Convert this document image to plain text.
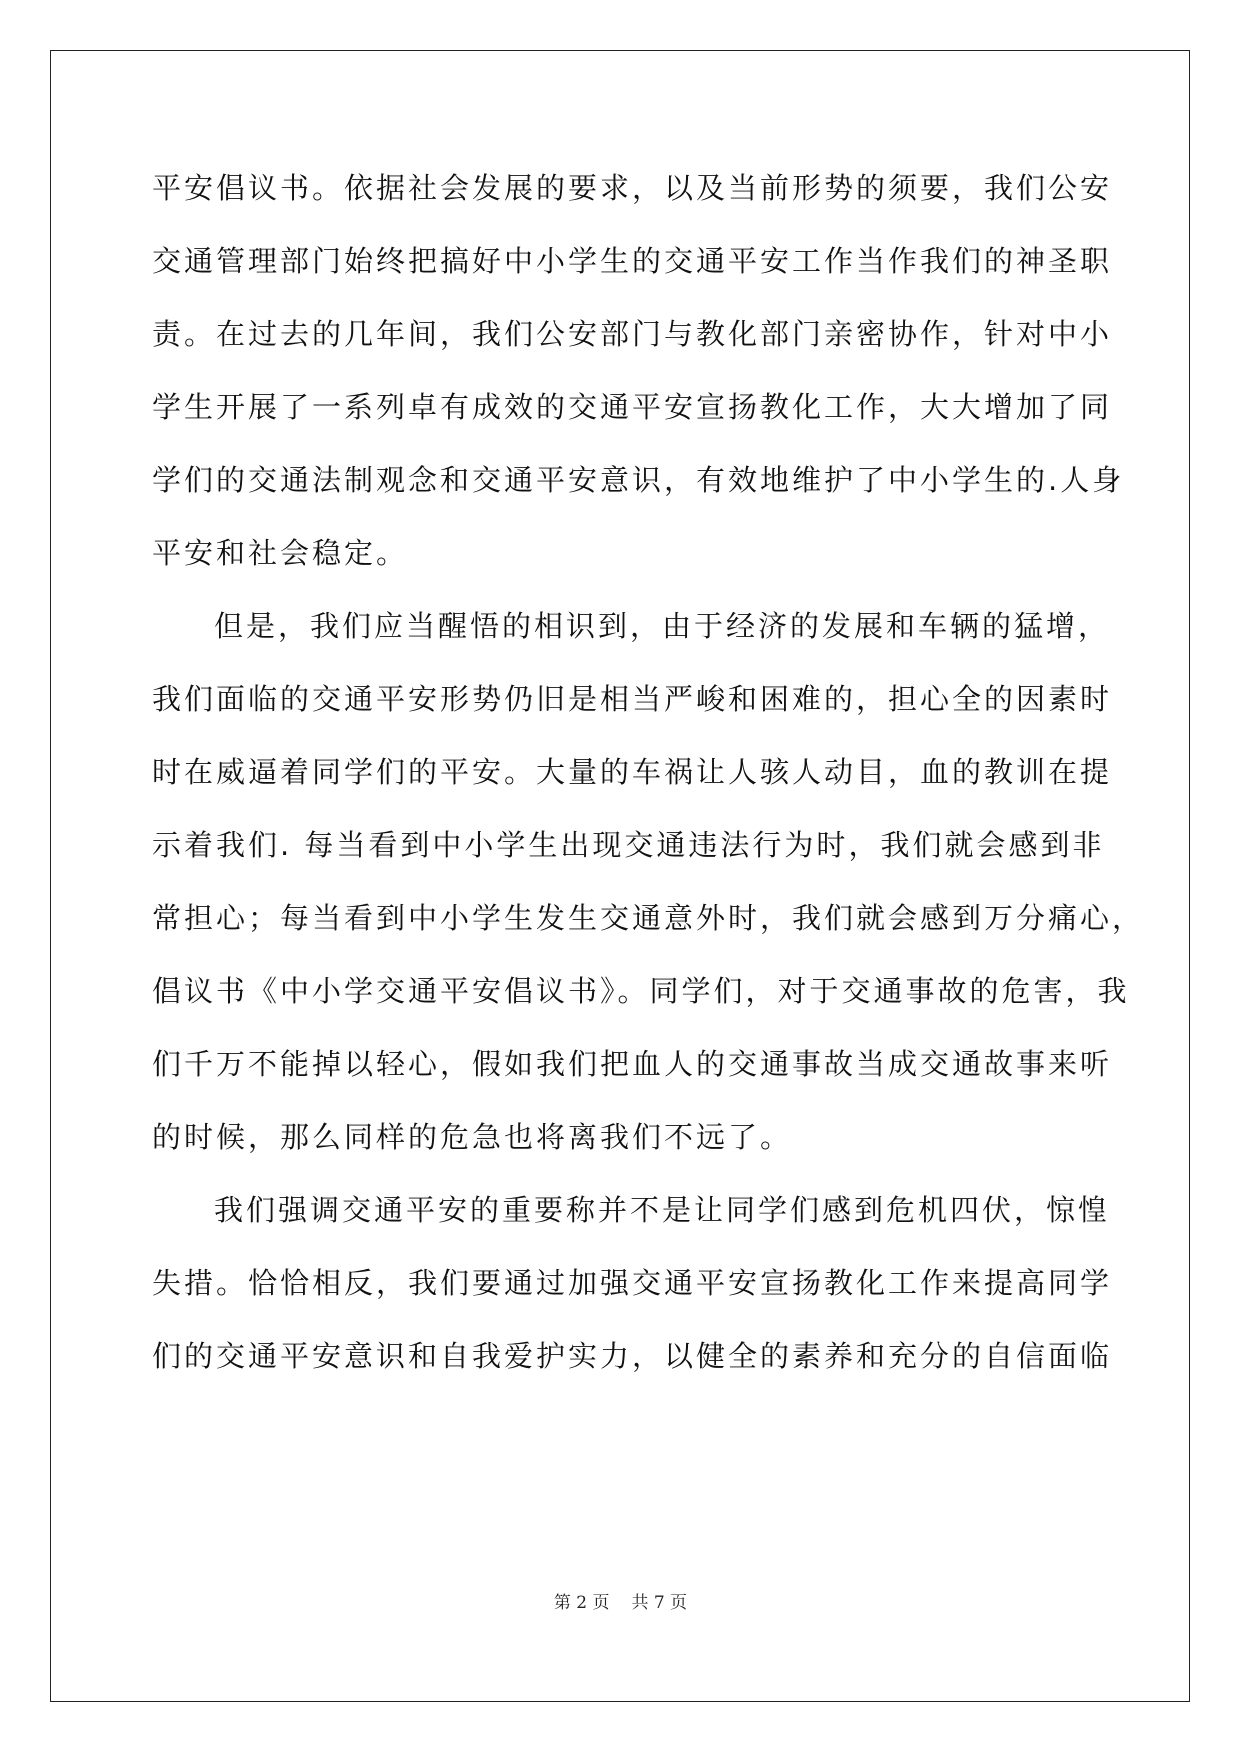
平安倡议书。依据社会发展的要求，以及当前形势的须要，我们公安
交通管理部门始终把搞好中小学生的交通平安工作当作我们的神圣职
责。在过去的几年间，我们公安部门与教化部门亲密协作，针对中小
学生开展了一系列卓有成效的交通平安宣扬教化工作，大大增加了同
学们的交通法制观念和交通平安意识，有效地维护了中小学生的.人身
平安和社会稳定。
但是，我们应当醒悟的相识到，由于经济的发展和车辆的猛增，
我们面临的交通平安形势仍旧是相当严峻和困难的，担心全的因素时
时在威逼着同学们的平安。大量的车祸让人骇人动目，血的教训在提
示着我们. 每当看到中小学生出现交通违法行为时，我们就会感到非
常担心；每当看到中小学生发生交通意外时，我们就会感到万分痛心，
倡议书《中小学交通平安倡议书》。同学们，对于交通事故的危害，我
们千万不能掉以轻心，假如我们把血人的交通事故当成交通故事来听
的时候，那么同样的危急也将离我们不远了。
我们强调交通平安的重要称并不是让同学们感到危机四伏，惊惶
失措。恰恰相反，我们要通过加强交通平安宣扬教化工作来提高同学
们的交通平安意识和自我爱护实力，以健全的素养和充分的自信面临
第 2 页 共 7 页
